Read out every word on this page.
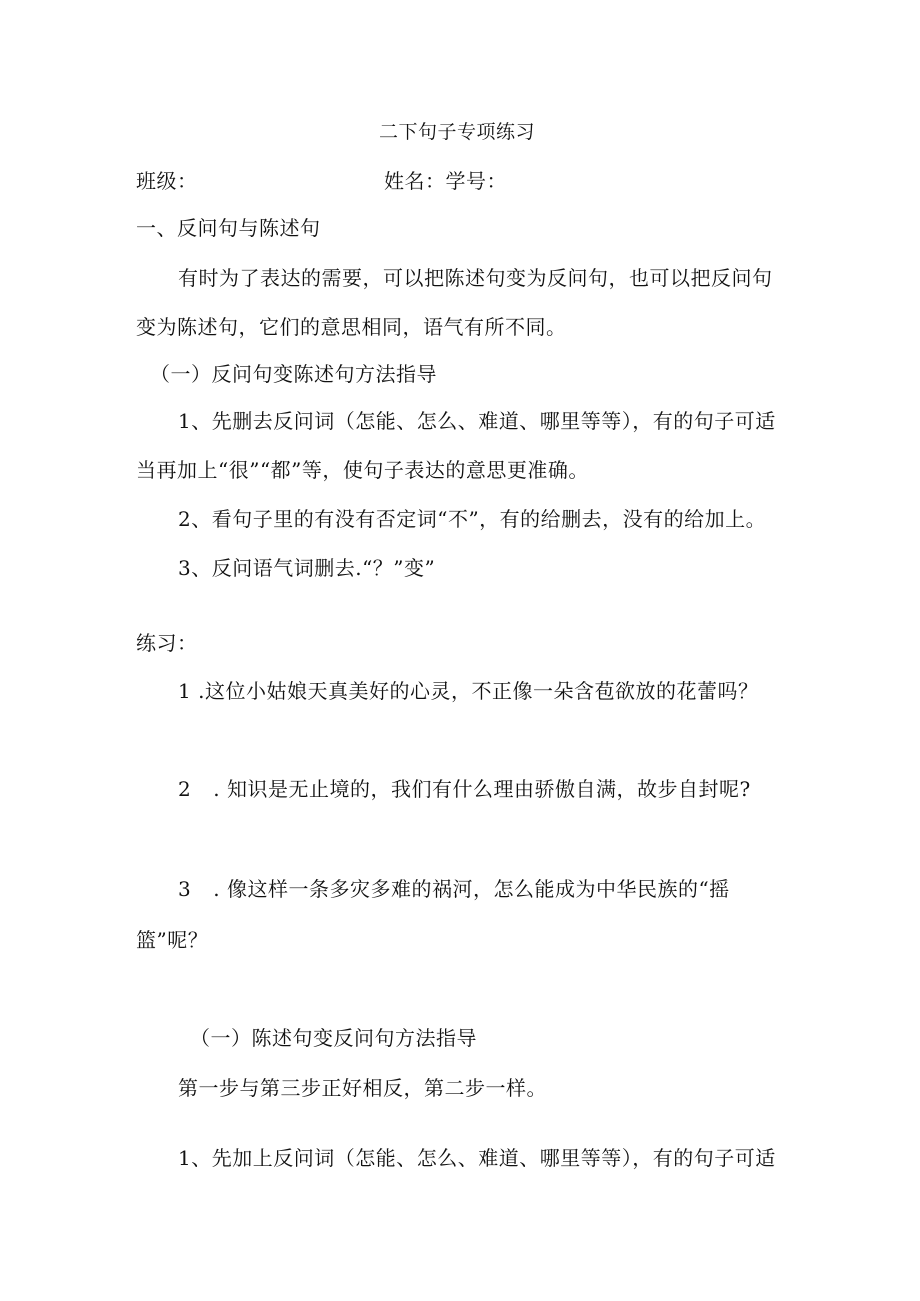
二下句子专项练习
班级：	姓名：学号：
一、反问句与陈述句
有时为了表达的需要，可以把陈述句变为反问句，也可以把反问句
变为陈述句，它们的意思相同，语气有所不同。
（一）反问句变陈述句方法指导
1、先删去反问词（怎能、怎么、难道、哪里等等），有的句子可适
当再加上“很”“都”等，使句子表达的意思更准确。
2、看句子里的有没有否定词“不”，有的给删去，没有的给加上。
3、反问语气词删去.“？”变”
练习：
1 .这位小姑娘天真美好的心灵，不正像一朵含苞欲放的花蕾吗？
2 . 知识是无止境的，我们有什么理由骄傲自满，故步自封呢?
3 . 像这样一条多灾多难的祸河，怎么能成为中华民族的“摇
篮”呢？
（一）陈述句变反问句方法指导
第一步与第三步正好相反，第二步一样。
1、先加上反问词（怎能、怎么、难道、哪里等等），有的句子可适
